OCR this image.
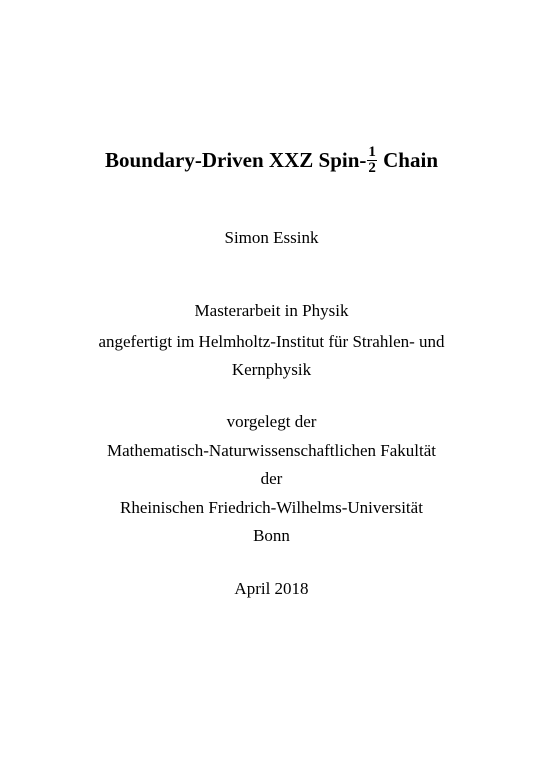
Boundary-Driven XXZ Spin- $\frac{1}{2}$ Chain
Simon Essink
Masterarbeit in Physik
angefertigt im Helmholtz-Institut für Strahlen- und
Kernphysik
vorgelegt der
Mathematisch-Naturwissenschaftlichen Fakultät
der
Rheinischen Friedrich-Wilhelms-Universität
Bonn
April 2018
